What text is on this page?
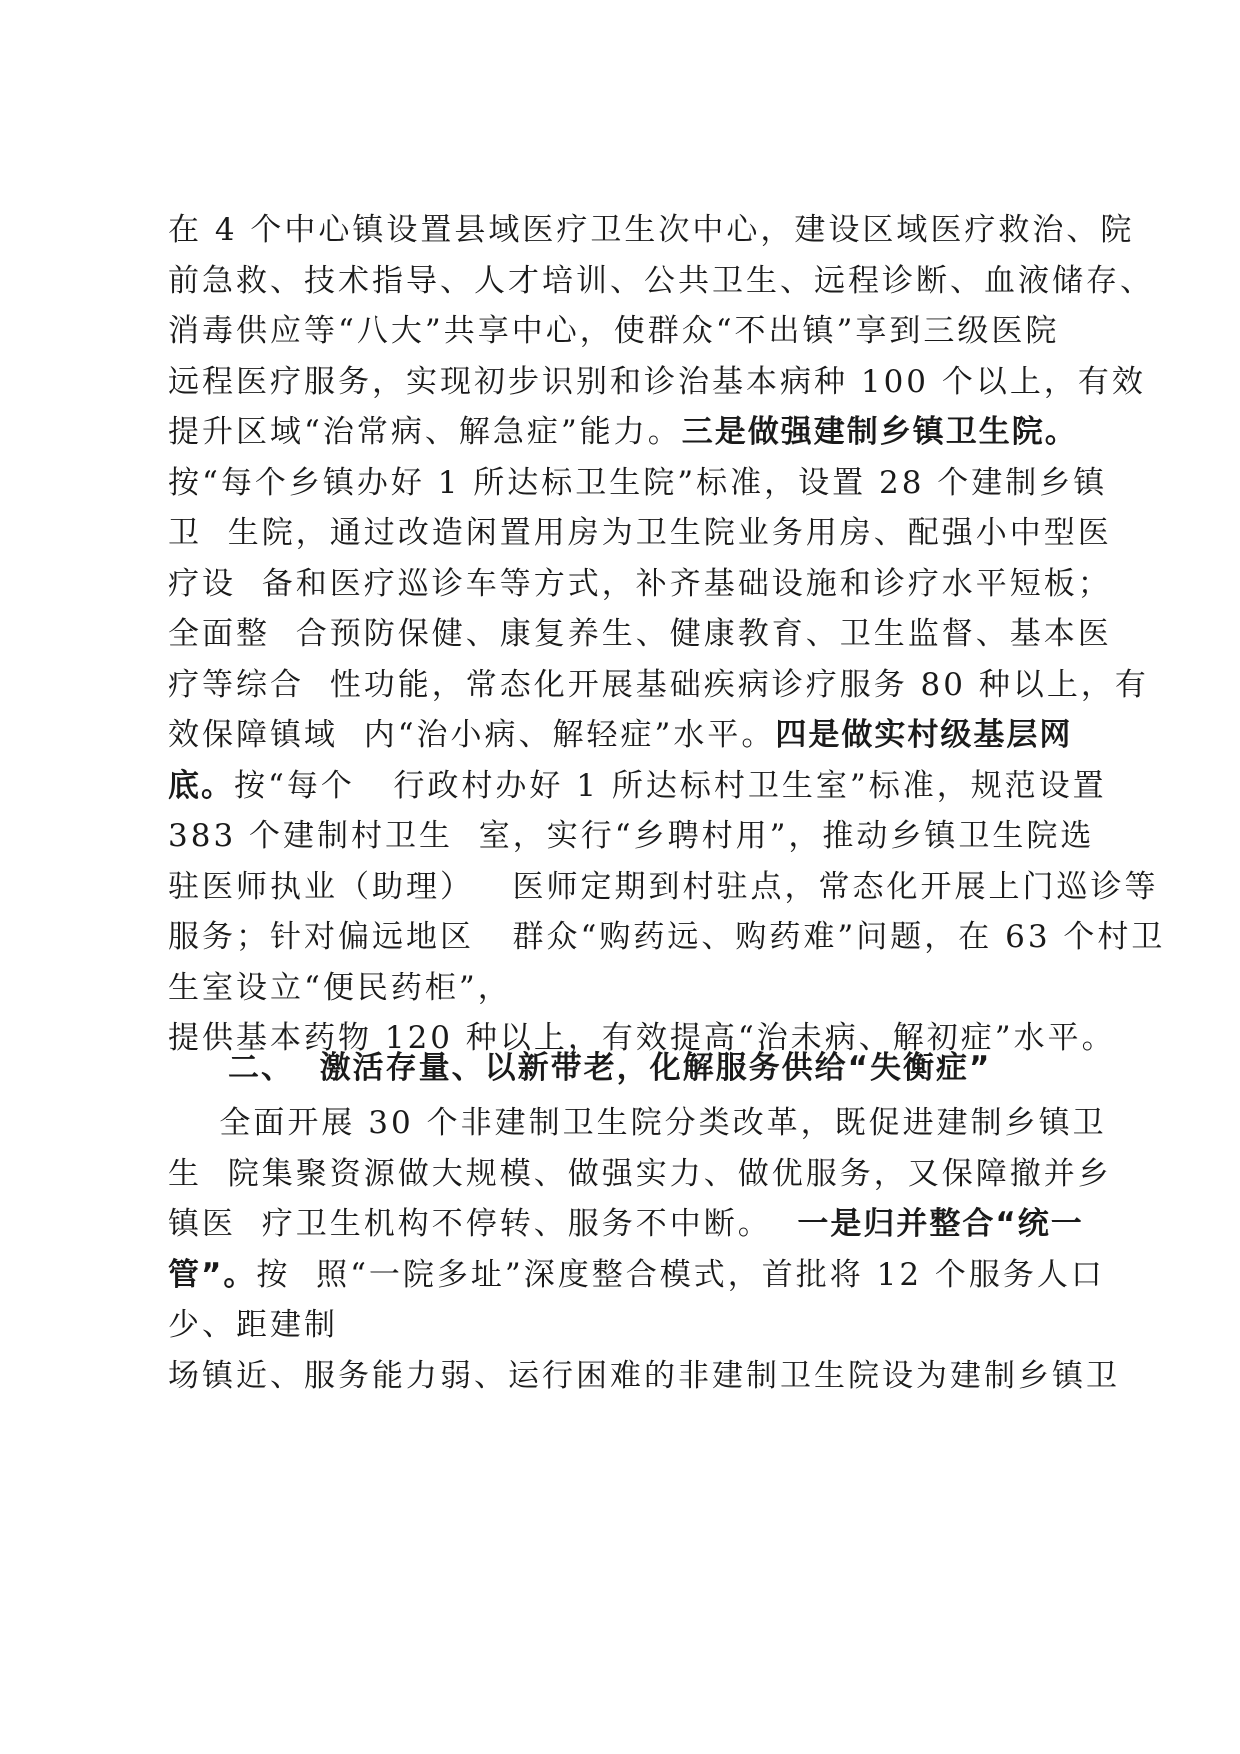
在 4 个中心镇设置县域医疗卫生次中心，建设区域医疗救治、院
前急救、技术指导、人才培训、公共卫生、远程诊断、血液储存、
消毒供应等“八大”共享中心，使群众“不出镇”享到三级医院
远程医疗服务，实现初步识别和诊治基本病种 100 个以上，有效
提升区域“治常病、解急症”能力。三是做强建制乡镇卫生院。
按“每个乡镇办好 1 所达标卫生院”标准，设置 28 个建制乡镇
卫  生院，通过改造闲置用房为卫生院业务用房、配强小中型医
疗设  备和医疗巡诊车等方式，补齐基础设施和诊疗水平短板；
全面整  合预防保健、康复养生、健康教育、卫生监督、基本医
疗等综合  性功能，常态化开展基础疾病诊疗服务 80 种以上，有
效保障镇域  内“治小病、解轻症”水平。四是做实村级基层网
底。按“每个   行政村办好 1 所达标村卫生室”标准，规范设置
383 个建制村卫生  室，实行“乡聘村用”，推动乡镇卫生院选
驻医师执业（助理）   医师定期到村驻点，常态化开展上门巡诊等
服务；针对偏远地区   群众“购药远、购药难”问题，在 63 个村卫
生室设立“便民药柜”，
提供基本药物 120 种以上，有效提高“治未病、解初症”水平。
二、  激活存量、以新带老，化解服务供给“失衡症”
全面开展 30 个非建制卫生院分类改革，既促进建制乡镇卫
生  院集聚资源做大规模、做强实力、做优服务，又保障撤并乡
镇医  疗卫生机构不停转、服务不中断。  一是归并整合“统一
管”。按  照“一院多址”深度整合模式，首批将 12 个服务人口
少、距建制
场镇近、服务能力弱、运行困难的非建制卫生院设为建制乡镇卫
